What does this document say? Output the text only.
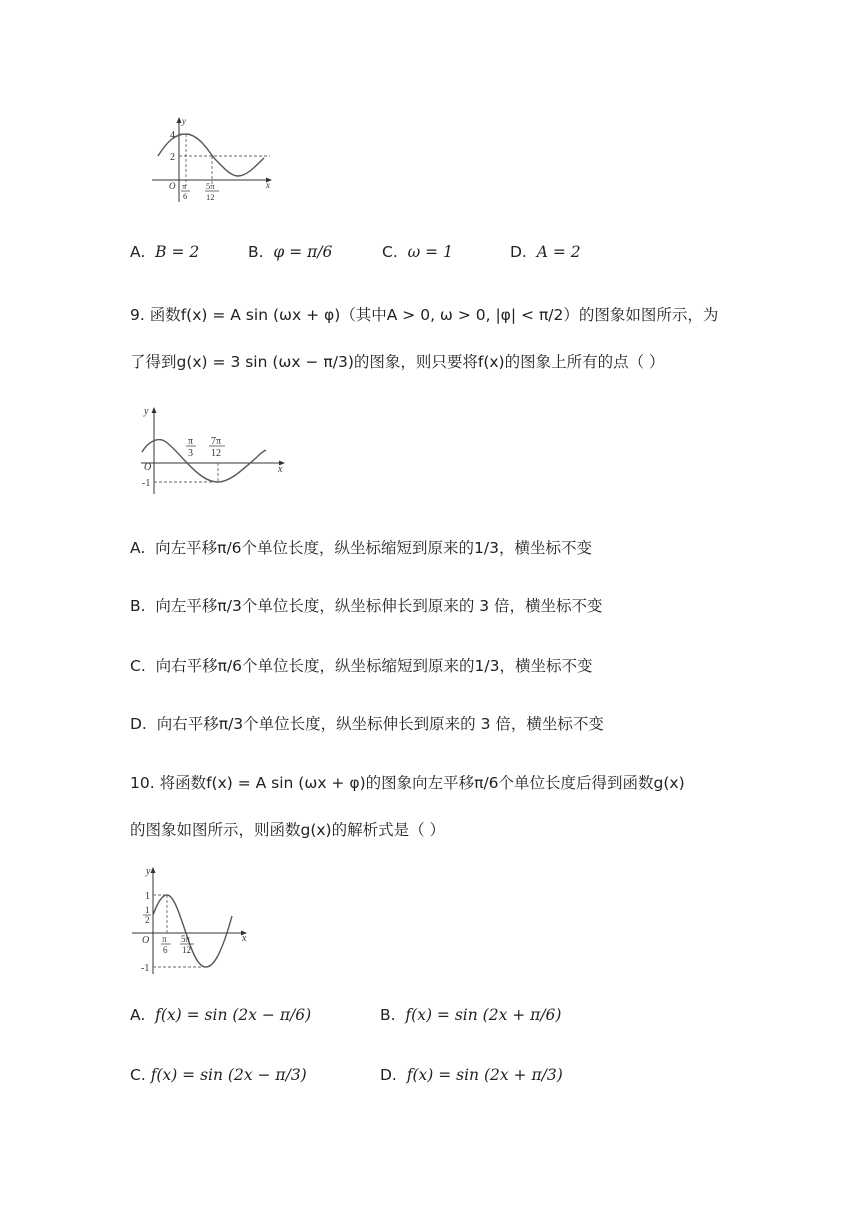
y
4
2
O π
6
5π
12
x
A. B = 2	B. φ = π/6	C. ω = 1	D. A = 2
9. 函数f(x) = A sin (ωx + φ)（其中A > 0, ω > 0, |φ| < π/2）的图象如图所示，为
了得到g(x) = 3 sin (ωx − π/3)的图象，则只要将f(x)的图象上所有的点（ ）
y
O
-1
π
3
7π
12
x
A. 向左平移π/6个单位长度，纵坐标缩短到原来的1/3，横坐标不变
B. 向左平移π/3个单位长度，纵坐标伸长到原来的 3 倍，横坐标不变
C. 向右平移π/6个单位长度，纵坐标缩短到原来的1/3，横坐标不变
D. 向右平移π/3个单位长度，纵坐标伸长到原来的 3 倍，横坐标不变
10. 将函数f(x) = A sin (ωx + φ)的图象向左平移π/6个单位长度后得到函数g(x)
的图象如图所示，则函数g(x)的解析式是（ ）
y
1
1
2
O
-1
π
6
5π
12
x
A. f(x) = sin (2x − π/6)	B. f(x) = sin (2x + π/6)
C. f(x) = sin (2x − π/3)	D. f(x) = sin (2x + π/3)
